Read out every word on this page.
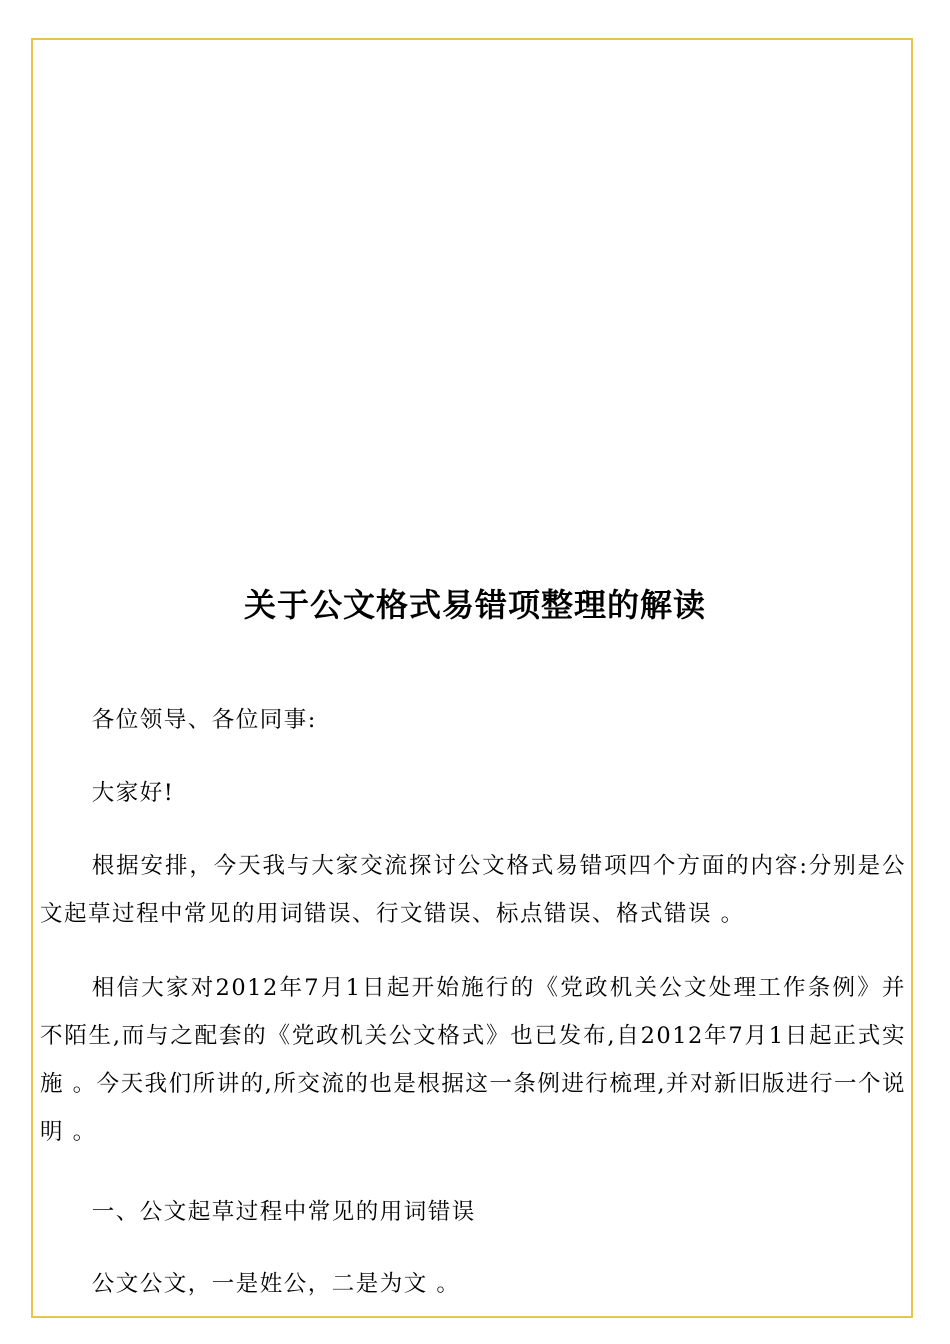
关于公文格式易错项整理的解读

各位领导、各位同事:

大家好!

根据安排，今天我与大家交流探讨公文格式易错项四个方面的内容:分别是公文起草过程中常见的用词错误、行文错误、标点错误、格式错误 。

相信大家对2012年7月1日起开始施行的《党政机关公文处理工作条例》并不陌生,而与之配套的《党政机关公文格式》也已发布,自2012年7月1日起正式实施 。今天我们所讲的,所交流的也是根据这一条例进行梳理,并对新旧版进行一个说明 。

一、公文起草过程中常见的用词错误

公文公文，一是姓公，二是为文 。
